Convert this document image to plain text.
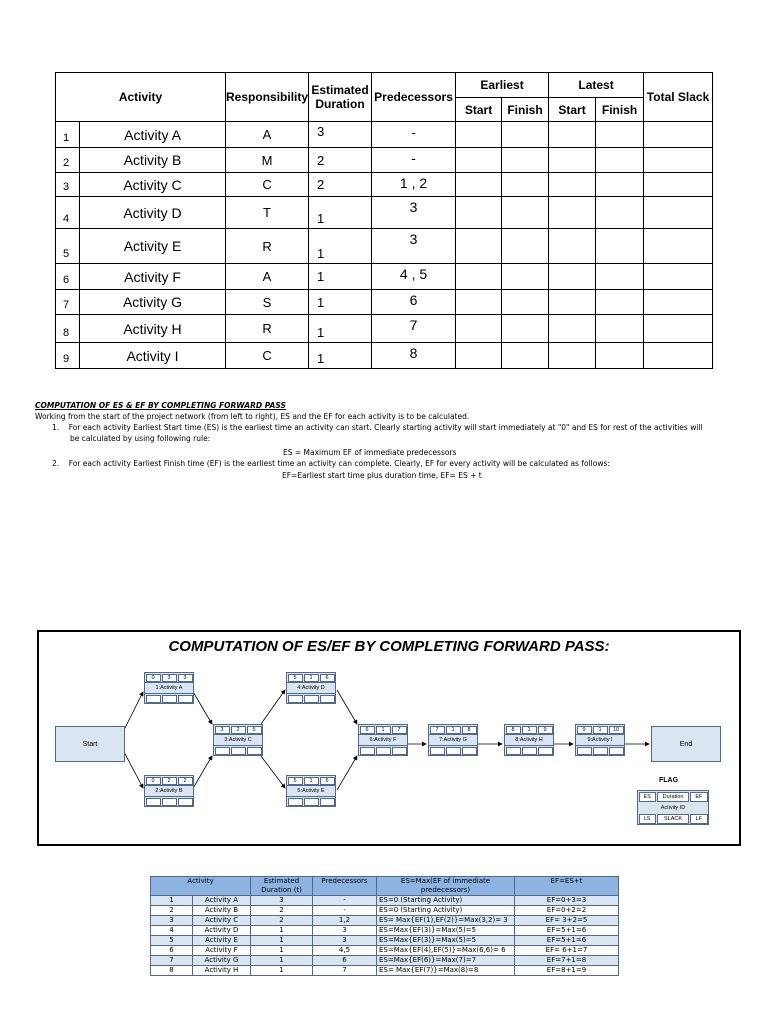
Activity		Responsibility	Estimated Duration	Predecessors	Earliest		Latest		Total Slack
					Start	Finish	Start	Finish	
1	Activity A	A	3	-					
2	Activity B	M	2	-					
3	Activity C	C	2	1 , 2					
4	Activity D	T	1	3					
5	Activity E	R	1	3					
6	Activity F	A	1	4 , 5					
7	Activity G	S	1	6					
8	Activity H	R	1	7					
9	Activity I	C	1	8					
COMPUTATION OF ES & EF BY COMPLETING FORWARD PASS
Working from the start of the project network (from left to right), ES and the EF for each activity is to be calculated.
1. For each activity Earliest Start time (ES) is the earliest time an activity can start. Clearly starting activity will start immediately at "0" and ES for rest of the activities will
be calculated by using following rule:
ES = Maximum EF of immediate predecessors
2. For each activity Earliest Finish time (EF) is the earliest time an activity can complete. Clearly, EF for every activity will be calculated as follows:
EF=Earliest start time plus duration time, EF= ES + t
COMPUTATION OF ES/EF BY COMPLETING FORWARD PASS:
Start	End
0	3	3
1:Activity A
0	2	2
2:Activity B
3	2	5
3:Activity C
5	1	6
4:Activity D
5	1	6
5:Activity E
6	1	7
6:Activity F
7	1	8
7:Activity G
8	1	9
8:Activity H
9	1	10
9:Activity I
FLAG
ES	Duration	EF
Activity ID
LS	SLACK	LF
Activity		Estimated Duration (t)	Predecessors	ES=Max(EF of immediate predecessors)	EF=ES+t
1	Activity A	3	-	ES=0 (Starting Activity)	EF=0+3=3
2	Activity B	2	-	ES=0 (Starting Activity)	EF=0+2=2
3	Activity C	2	1,2	ES= Max{EF(1),EF(2)}=Max(3,2)= 3	EF= 3+2=5
4	Activity D	1	3	ES=Max{EF(3)}=Max(5)=5	EF=5+1=6
5	Activity E	1	3	ES=Max{EF(3)}=Max(5)=5	EF=5+1=6
6	Activity F	1	4,5	ES=Max{EF(4),EF(5)}=Max(6,6)= 6	EF= 6+1=7
7	Activity G	1	6	ES=Max{EF(6)}=Max(7)=7	EF=7+1=8
8	Activity H	1	7	ES= Max{EF(7)}=Max(8)=8	EF=8+1=9
